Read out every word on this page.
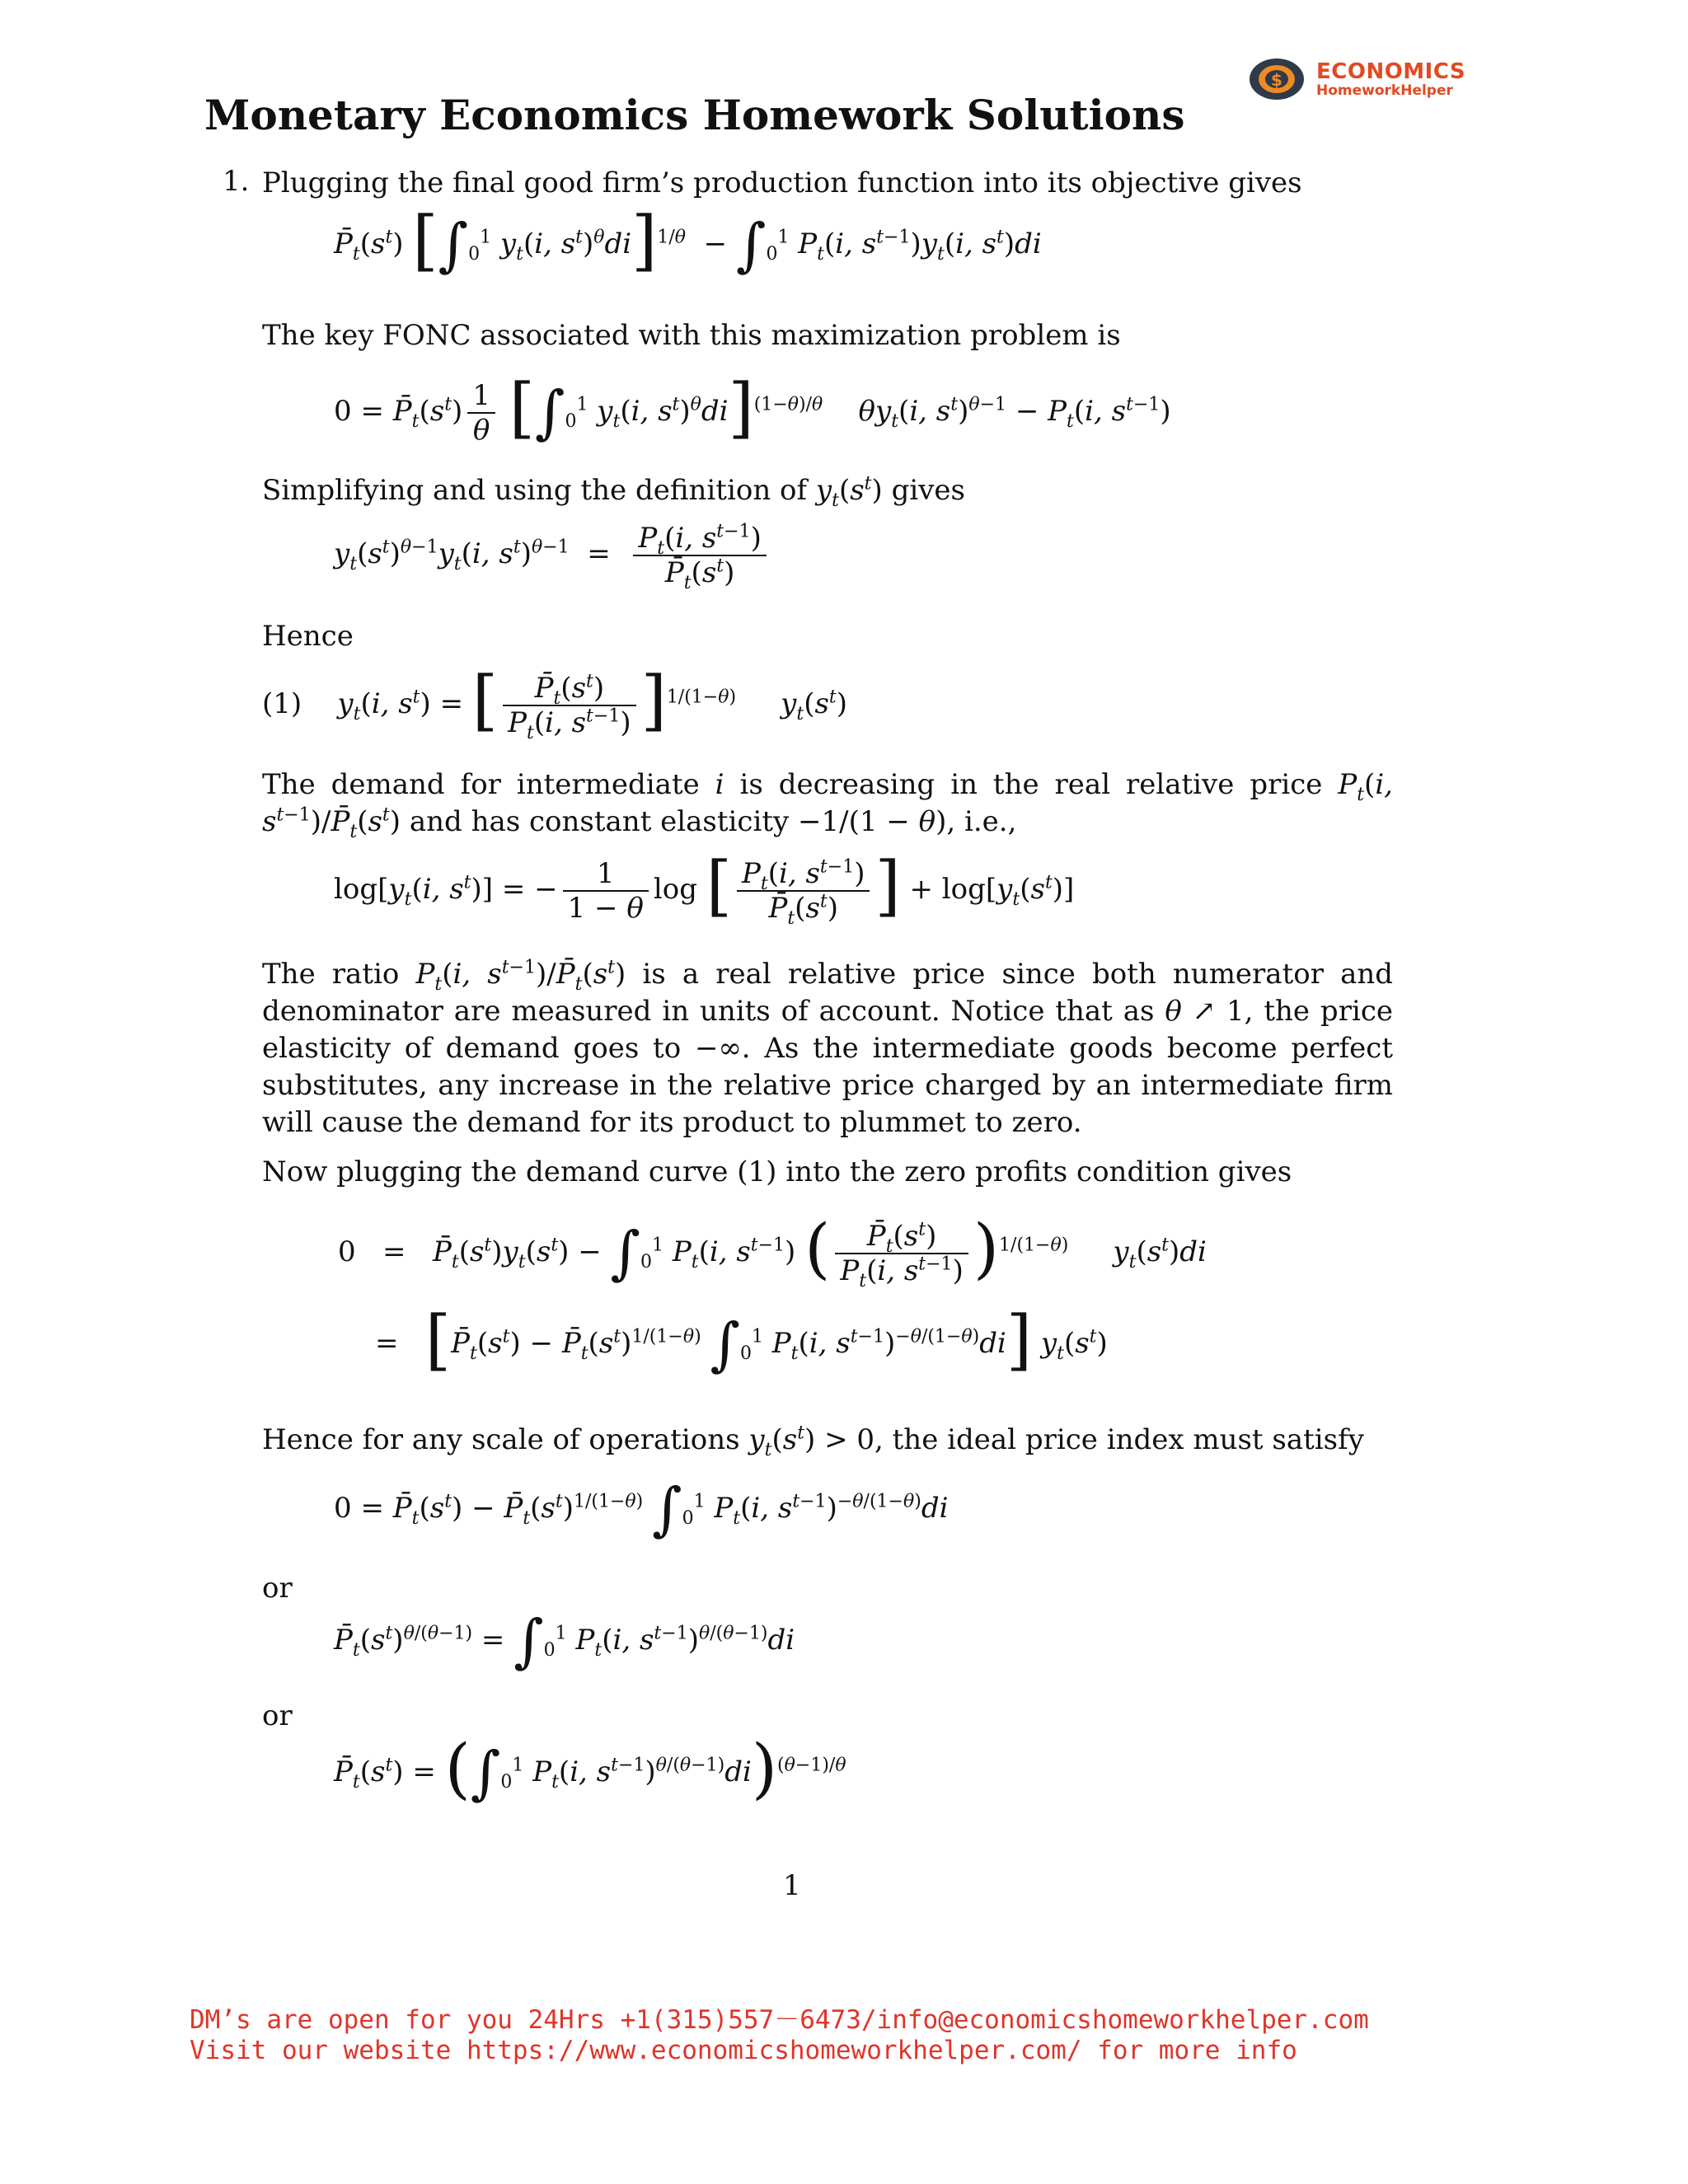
$ ECONOMICS
HomeworkHelper
Monetary Economics Homework Solutions
1. Plugging the final good firm’s production function into its objective gives
$P̄_t(s^t)$ [$\int_0^1$ $y_t(i$, $s^t)^\theta di]^{1/\theta} - \int_0^1$ $P_t(i$, $s^{t-1})y_t(i$, $s^t)di$
The key FONC associated with this maximization problem is
$0 = P̄_t(s^t) \frac{1}{\theta} [\int_0^1$ $y_t(i$, $s^t)^\theta di]^{(1-\theta)/\theta}$ $\theta y_t(i$, $s^t)^{\theta-1} - P_t(i$, $s^{t-1}$)
Simplifying and using the definition of $y_t(s^t)$ gives
$y_t(s^t)^{\theta-1}y_t(i$, $s^t)^{\theta-1} = \frac{P_t(i, s^{t-1})}{P̄_t(s^t)}$
Hence
(1) $y_t(i$, $s^t$) = [ $\frac{P̄_t(s^t)}{P_t(i, s^{t-1})} ]^{1/(1-\theta)}$ $y_t(s^t)$
The demand for intermediate i is decreasing in the real relative price $P_t(i$, $s^{t-1})/P̄_t(s^t)$ and has constant elasticity −1/(1 − θ), i.e.,
$\log[y_t(i$, $s^t$)] = − $\frac{1}{1 - \theta}$ log [ $\frac{P_t(i, s^{t-1})}{P̄_t(s^t)}$ ] + $\log[y_t(s^t)]$
The ratio $P_t(i$, $s^{t-1})/P̄_t(s^t)$ is a real relative price since both numerator and denominator are measured in units of account. Notice that as θ ↗ 1, the price elasticity of demand goes to −∞. As the intermediate goods become perfect substitutes, any increase in the relative price charged by an intermediate firm will cause the demand for its product to plummet to zero.
Now plugging the demand curve (1) into the zero profits condition gives
$0 = P̄_t(s^t)y_t(s^t) - \int_0^1$ $P_t(i$, $s^{t-1}$) ( $\frac{P̄_t(s^t)}{P_t(i, s^{t-1})} )^{1/(1-\theta)}$ $y_t(s^t)di$
=   [$P̄_t(s^t)$ − $P̄_t(s^t)^{1/(1-\theta)}$ $\int_0^1$ $P_t(i$, $s^{t-1})^{-\theta/(1-\theta)}di$] $y_t(s^t)$
Hence for any scale of operations $y_t(s^t) > 0$, the ideal price index must satisfy
$0 = P̄_t(s^t)$ − $P̄_t(s^t)^{1/(1-\theta)}$ $\int_0^1$ $P_t(i$, $s^{t-1})^{-\theta/(1-\theta)}di$
or
$P̄_t(s^t)^{\theta/(\theta-1)} = \int_0^1$ $P_t(i$, $s^{t-1})^{\theta/(\theta-1)}di$
or
$P̄_t(s^t) = (\int_0^1$ $P_t(i$, $s^{t-1})^{\theta/(\theta-1)}di)^{(\theta-1)/\theta}$
1
DM’s are open for you 24Hrs +1(315)557－6473/info@economicshomeworkhelper.com
Visit our website https://www.economicshomeworkhelper.com/ for more info
